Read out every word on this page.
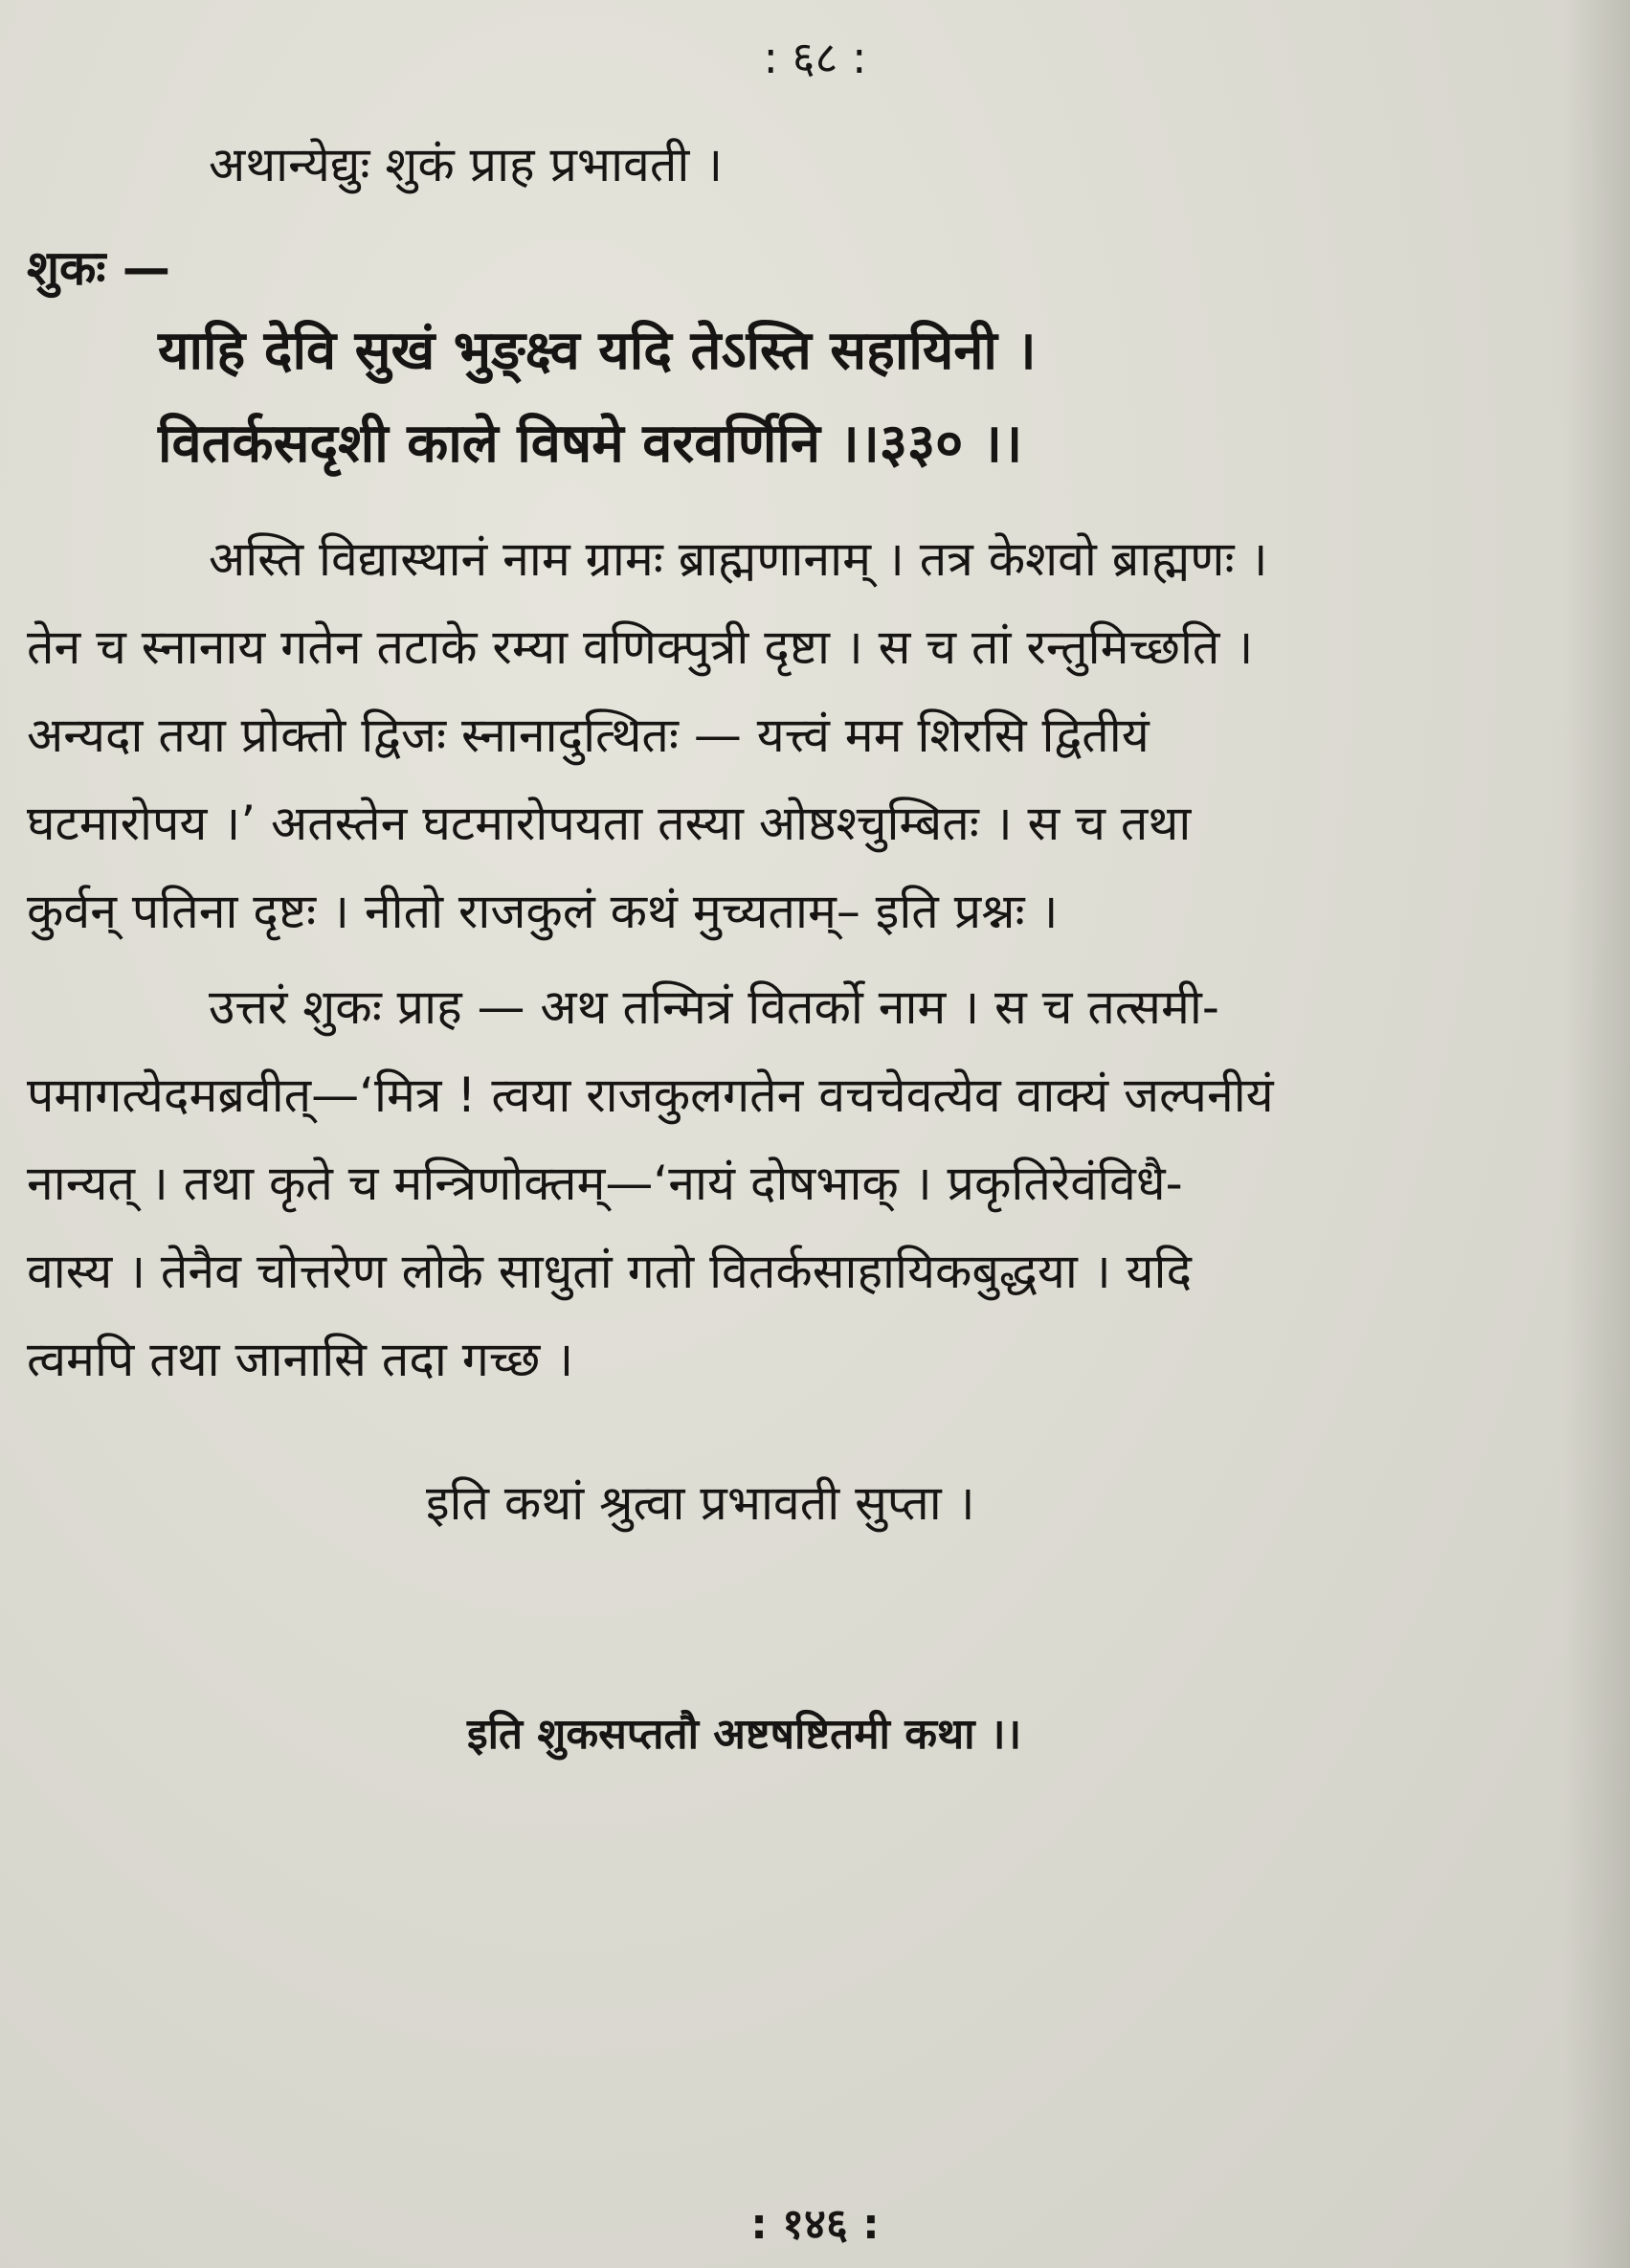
: ६८ :
अथान्येद्युः शुकं प्राह प्रभावती ।
शुकः —
याहि देवि सुखं भुङ्क्ष्व यदि तेऽस्ति सहायिनी ।
वितर्कसदृशी काले विषमे वरवर्णिनि ।।३३० ।।
अस्ति विद्यास्थानं नाम ग्रामः ब्राह्मणानाम् । तत्र केशवो ब्राह्मणः ।
तेन च स्नानाय गतेन तटाके रम्या वणिक्पुत्री दृष्टा । स च तां रन्तुमिच्छति ।
अन्यदा तया प्रोक्तो द्विजः स्नानादुत्थितः — यत्त्वं मम शिरसि द्वितीयं
घटमारोपय ।’ अतस्तेन घटमारोपयता तस्या ओष्ठश्चुम्बितः । स च तथा
कुर्वन् पतिना दृष्टः । नीतो राजकुलं कथं मुच्यताम्– इति प्रश्नः ।
उत्तरं शुकः प्राह — अथ तन्मित्रं वितर्को नाम । स च तत्समी-
पमागत्येदमब्रवीत्—‘मित्र ! त्वया राजकुलगतेन वचचेवत्येव वाक्यं जल्पनीयं
नान्यत् । तथा कृते च मन्त्रिणोक्तम्—‘नायं दोषभाक् । प्रकृतिरेवंविधै-
वास्य । तेनैव चोत्तरेण लोके साधुतां गतो वितर्कसाहायिकबुद्धया । यदि
त्वमपि तथा जानासि तदा गच्छ ।
इति कथां श्रुत्वा प्रभावती सुप्ता ।
इति शुकसप्ततौ अष्टषष्टितमी कथा ।।
: १४६ :
